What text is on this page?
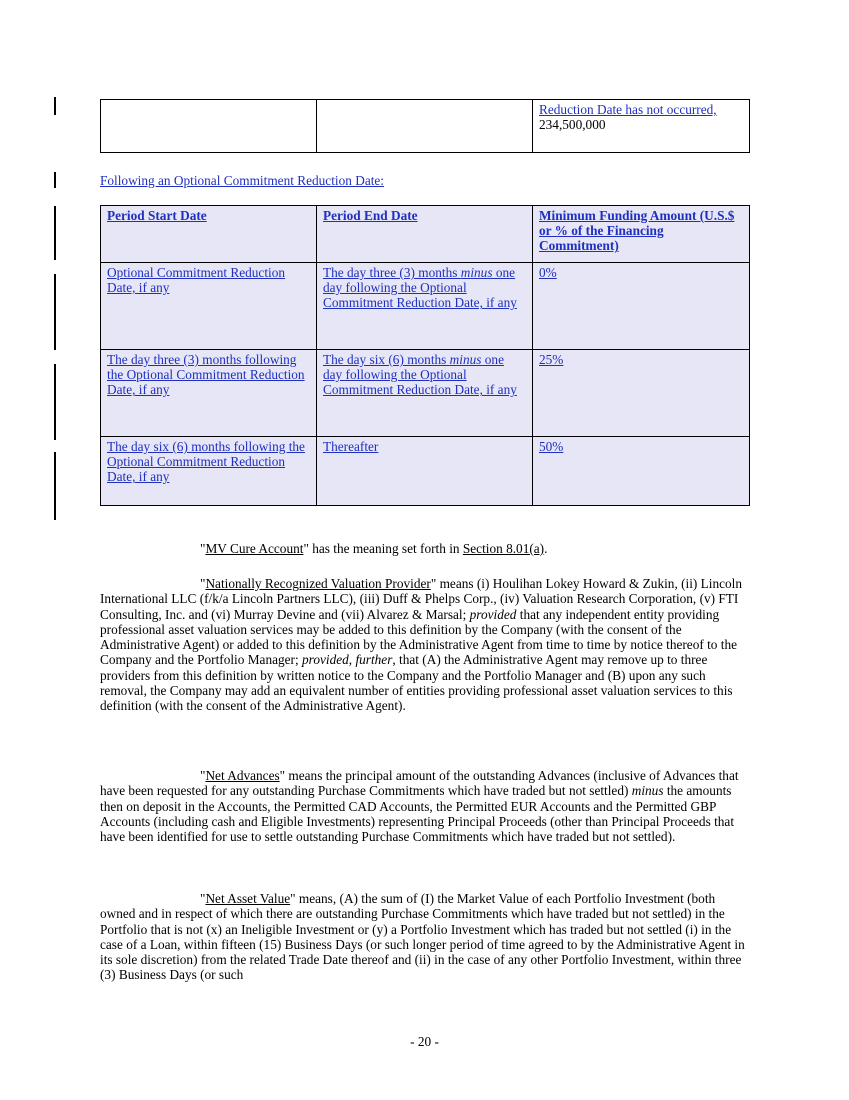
		Reduction Date has not occurred,
234,500,000
Following an Optional Commitment Reduction Date:
Period Start Date	Period End Date	Minimum Funding Amount (U.S.$ or % of the Financing Commitment)
Optional Commitment Reduction Date, if any	The day three (3) months minus one day following the Optional Commitment Reduction Date, if any	0%
The day three (3) months following the Optional Commitment Reduction Date, if any	The day six (6) months minus one day following the Optional Commitment Reduction Date, if any	25%
The day six (6) months following the Optional Commitment Reduction Date, if any	Thereafter	50%

"MV Cure Account" has the meaning set forth in Section 8.01(a).

"Nationally Recognized Valuation Provider" means (i) Houlihan Lokey Howard & Zukin, (ii) Lincoln International LLC (f/k/a Lincoln Partners LLC), (iii) Duff & Phelps Corp., (iv) Valuation Research Corporation, (v) FTI Consulting, Inc. and (vi) Murray Devine and (vii) Alvarez & Marsal; provided that any independent entity providing professional asset valuation services may be added to this definition by the Company (with the consent of the Administrative Agent) or added to this definition by the Administrative Agent from time to time by notice thereof to the Company and the Portfolio Manager; provided, further, that (A) the Administrative Agent may remove up to three providers from this definition by written notice to the Company and the Portfolio Manager and (B) upon any such removal, the Company may add an equivalent number of entities providing professional asset valuation services to this definition (with the consent of the Administrative Agent).

"Net Advances" means the principal amount of the outstanding Advances (inclusive of Advances that have been requested for any outstanding Purchase Commitments which have traded but not settled) minus the amounts then on deposit in the Accounts, the Permitted CAD Accounts, the Permitted EUR Accounts and the Permitted GBP Accounts (including cash and Eligible Investments) representing Principal Proceeds (other than Principal Proceeds that have been identified for use to settle outstanding Purchase Commitments which have traded but not settled).

"Net Asset Value" means, (A) the sum of (I) the Market Value of each Portfolio Investment (both owned and in respect of which there are outstanding Purchase Commitments which have traded but not settled) in the Portfolio that is not (x) an Ineligible Investment or (y) a Portfolio Investment which has traded but not settled (i) in the case of a Loan, within fifteen (15) Business Days (or such longer period of time agreed to by the Administrative Agent in its sole discretion) from the related Trade Date thereof and (ii) in the case of any other Portfolio Investment, within three (3) Business Days (or such

- 20 -
